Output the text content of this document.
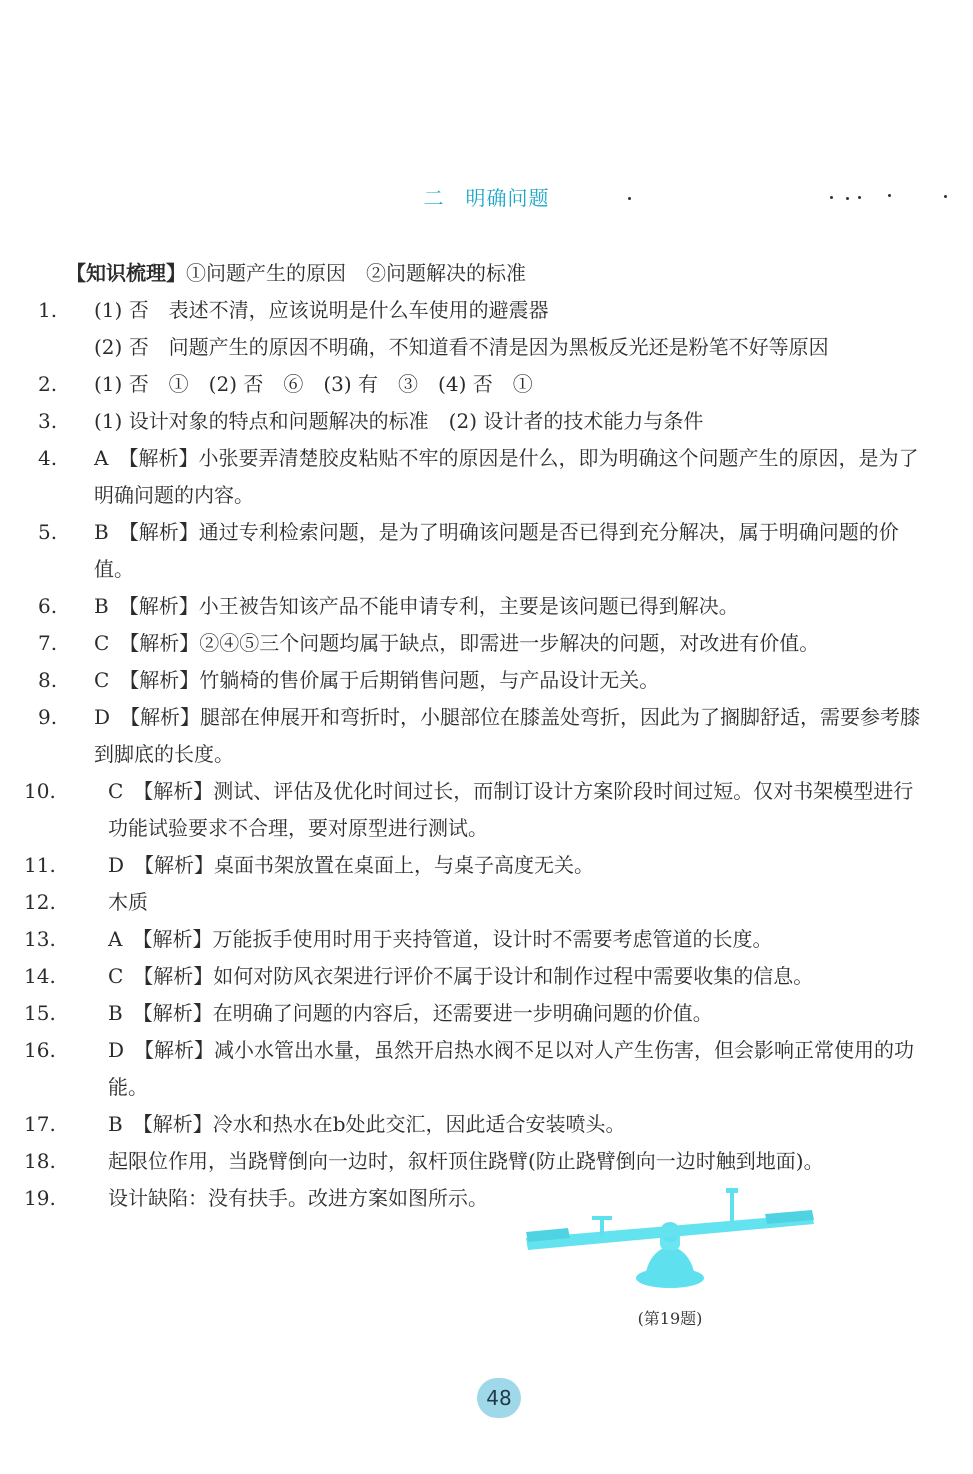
二　明确问题
【知识梳理】①问题产生的原因　②问题解决的标准
1. (1) 否　表述不清，应该说明是什么车使用的避震器
(2) 否　问题产生的原因不明确，不知道看不清是因为黑板反光还是粉笔不好等原因
2. (1) 否　①　(2) 否　⑥　(3) 有　③　(4) 否　①
3. (1) 设计对象的特点和问题解决的标准　(2) 设计者的技术能力与条件
4. A　【解析】小张要弄清楚胶皮粘贴不牢的原因是什么，即为明确这个问题产生的原因，是为了明确问题的内容。
5. B　【解析】通过专利检索问题，是为了明确该问题是否已得到充分解决，属于明确问题的价值。
6. B　【解析】小王被告知该产品不能申请专利，主要是该问题已得到解决。
7. C　【解析】②④⑤三个问题均属于缺点，即需进一步解决的问题，对改进有价值。
8. C　【解析】竹躺椅的售价属于后期销售问题，与产品设计无关。
9. D　【解析】腿部在伸展开和弯折时，小腿部位在膝盖处弯折，因此为了搁脚舒适，需要参考膝到脚底的长度。
10.	C　【解析】测试、评估及优化时间过长，而制订设计方案阶段时间过短。仅对书架模型进行功能试验要求不合理，要对原型进行测试。
11.	D　【解析】桌面书架放置在桌面上，与桌子高度无关。
12.	木质
13.	A　【解析】万能扳手使用时用于夹持管道，设计时不需要考虑管道的长度。
14.	C　【解析】如何对防风衣架进行评价不属于设计和制作过程中需要收集的信息。
15.	B　【解析】在明确了问题的内容后，还需要进一步明确问题的价值。
16.	D　【解析】减小水管出水量，虽然开启热水阀不足以对人产生伤害，但会影响正常使用的功能。
17.	B　【解析】冷水和热水在b处此交汇，因此适合安装喷头。
18.	起限位作用，当跷臂倒向一边时，叙杆顶住跷臂(防止跷臂倒向一边时触到地面)。
19.	设计缺陷：没有扶手。改进方案如图所示。
(第19题)
48
